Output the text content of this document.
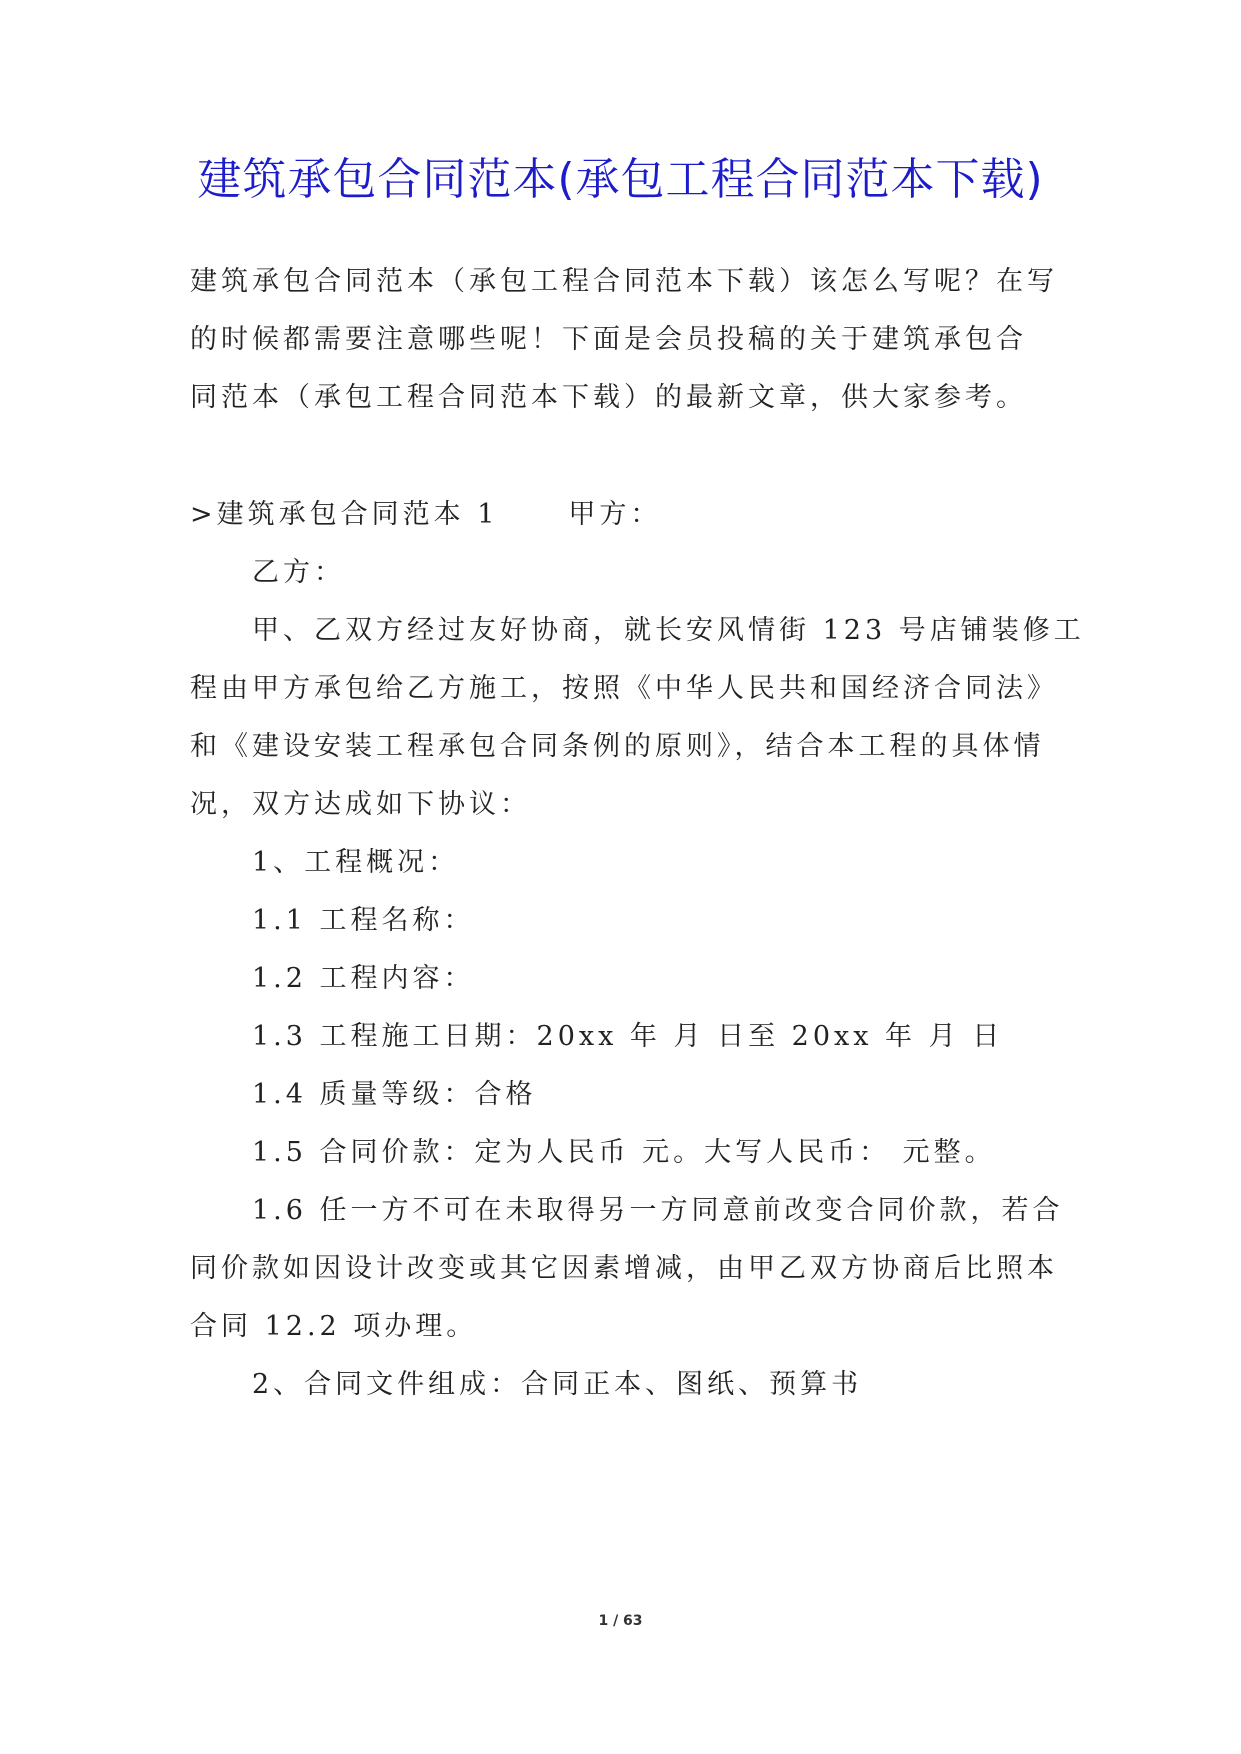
建筑承包合同范本(承包工程合同范本下载)
建筑承包合同范本（承包工程合同范本下载）该怎么写呢？在写
的时候都需要注意哪些呢！下面是会员投稿的关于建筑承包合
同范本（承包工程合同范本下载）的最新文章，供大家参考。
>建筑承包合同范本 1	甲方：
乙方：
甲、乙双方经过友好协商，就长安风情街 123 号店铺装修工
程由甲方承包给乙方施工，按照《中华人民共和国经济合同法》
和《建设安装工程承包合同条例的原则》，结合本工程的具体情
况，双方达成如下协议：
1、工程概况：
1.1 工程名称：
1.2 工程内容：
1.3 工程施工日期：20xx 年 月 日至 20xx 年 月 日
1.4 质量等级：合格
1.5 合同价款：定为人民币 元。大写人民币： 元整。
1.6 任一方不可在未取得另一方同意前改变合同价款，若合
同价款如因设计改变或其它因素增减，由甲乙双方协商后比照本
合同 12.2 项办理。
2、合同文件组成：合同正本、图纸、预算书
1 / 63
